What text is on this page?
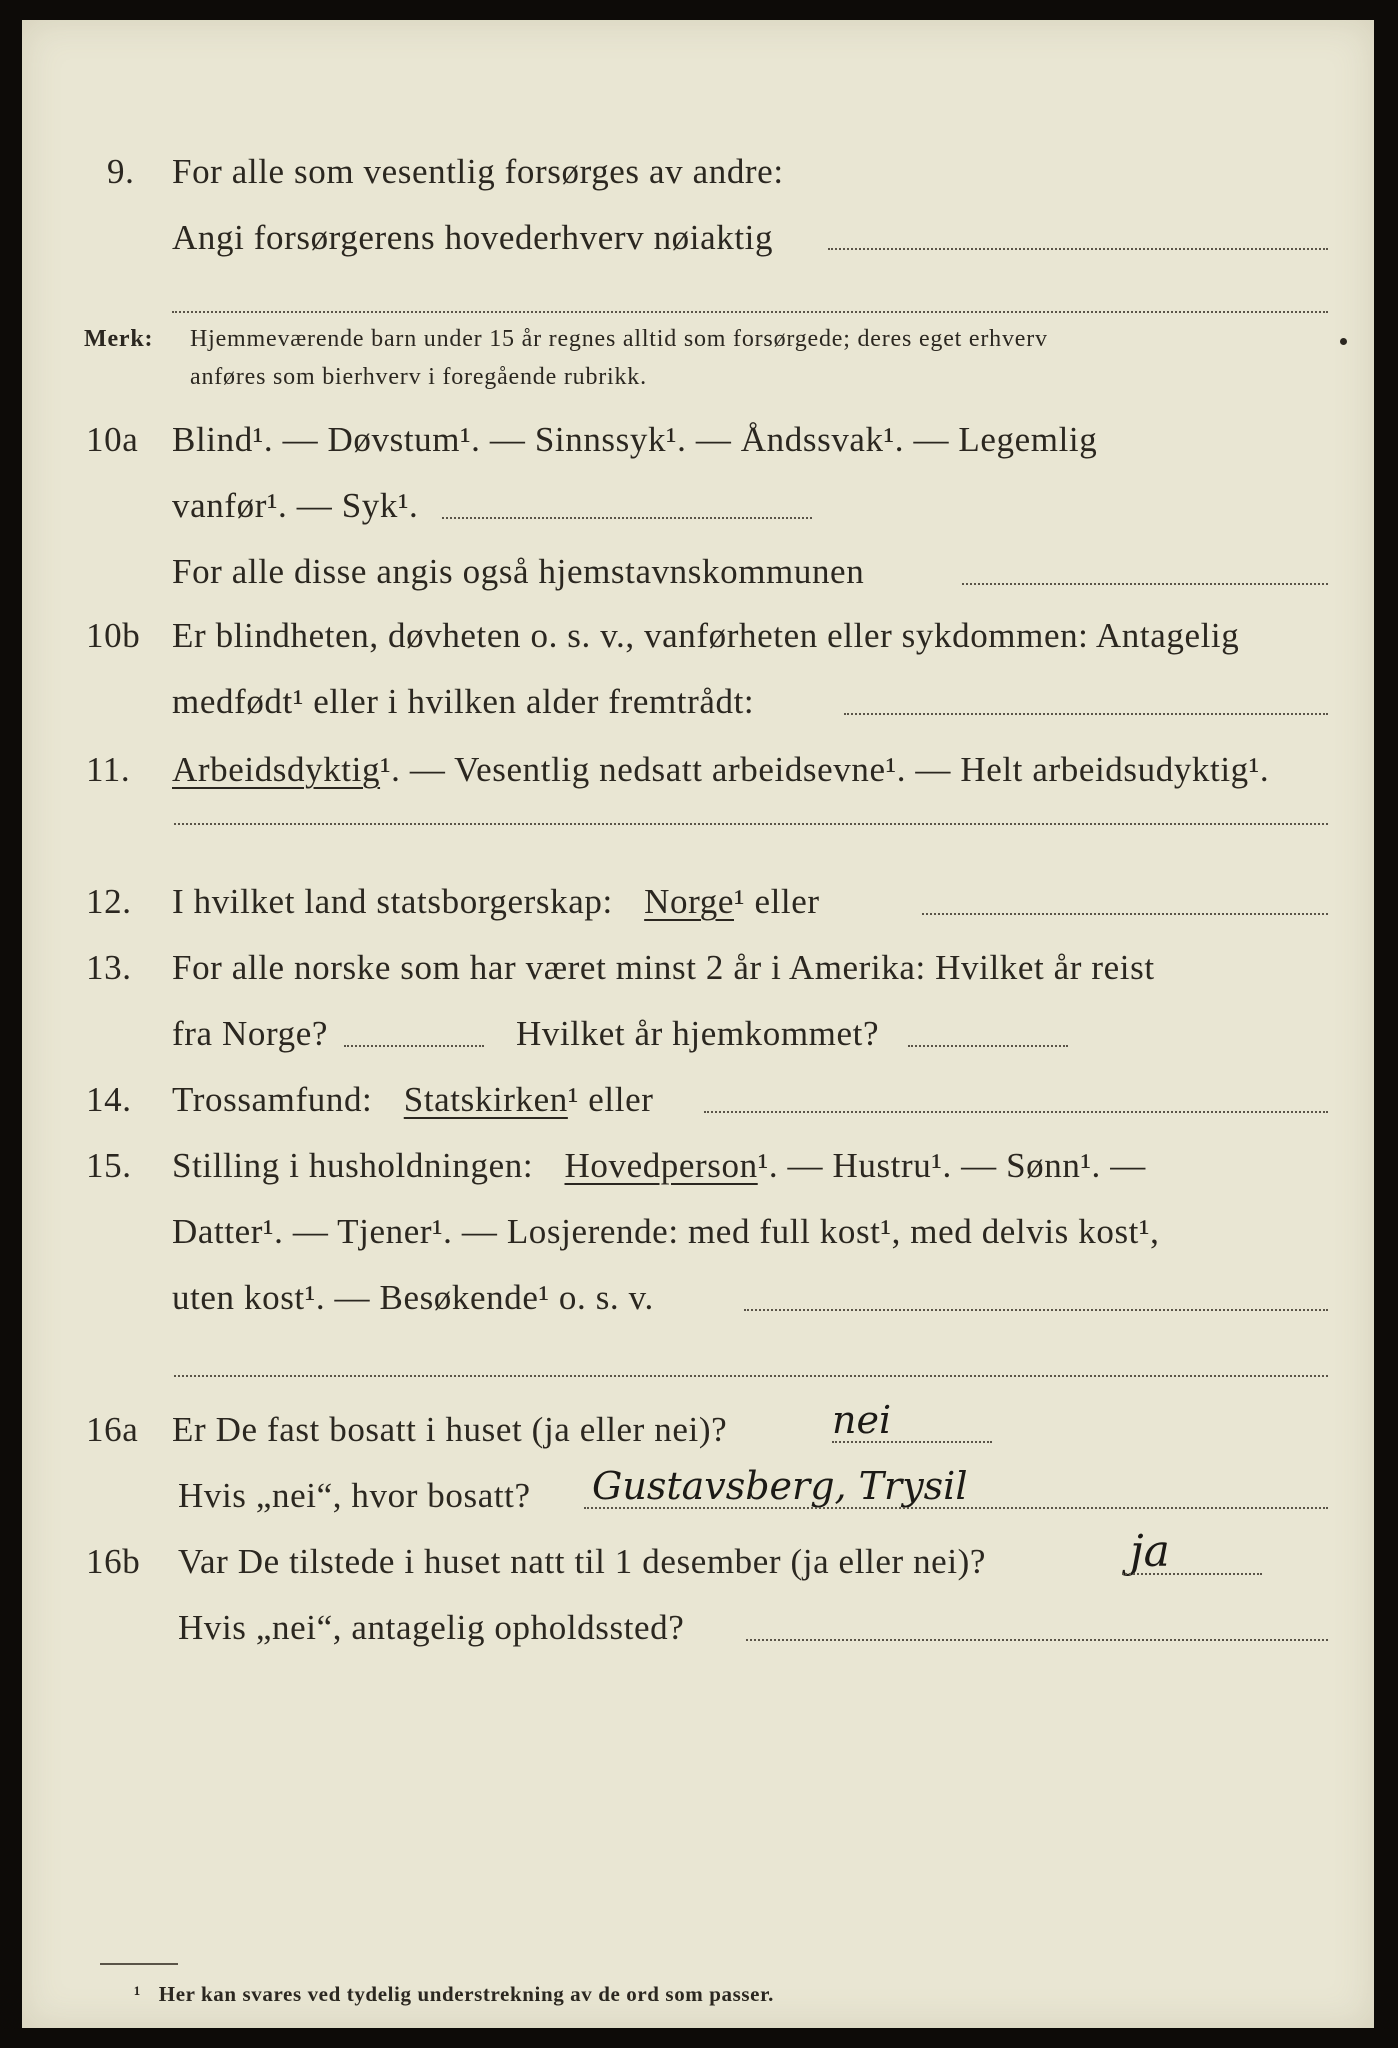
9. For alle som vesentlig forsørges av andre:
Angi forsørgerens hovederhverv nøiaktig
Merk: Hjemmeværende barn under 15 år regnes alltid som forsørgede; deres eget erhverv
anføres som bierhverv i foregående rubrikk.
10a Blind¹. — Døvstum¹. — Sinnssyk¹. — Åndssvak¹. — Legemlig
vanfør¹. — Syk¹.
For alle disse angis også hjemstavnskommunen
10b Er blindheten, døvheten o. s. v., vanførheten eller sykdommen: Antagelig
medfødt¹ eller i hvilken alder fremtrådt:
11. Arbeidsdyktig¹. — Vesentlig nedsatt arbeidsevne¹. — Helt arbeidsudyktig¹.
12. I hvilket land statsborgerskap: Norge¹ eller
13. For alle norske som har været minst 2 år i Amerika: Hvilket år reist
fra Norge?	Hvilket år hjemkommet?
14. Trossamfund: Statskirken¹ eller
15. Stilling i husholdningen: Hovedperson¹. — Hustru¹. — Sønn¹. —
Datter¹. — Tjener¹. — Losjerende: med full kost¹, med delvis kost¹,
uten kost¹. — Besøkende¹ o. s. v.
16a Er De fast bosatt i huset (ja eller nei)?	nei
Hvis „nei“, hvor bosatt? Gustavsberg, Trysil
16b Var De tilstede i huset natt til 1 desember (ja eller nei)?	ja
Hvis „nei“, antagelig opholdssted?
¹ Her kan svares ved tydelig understrekning av de ord som passer.
